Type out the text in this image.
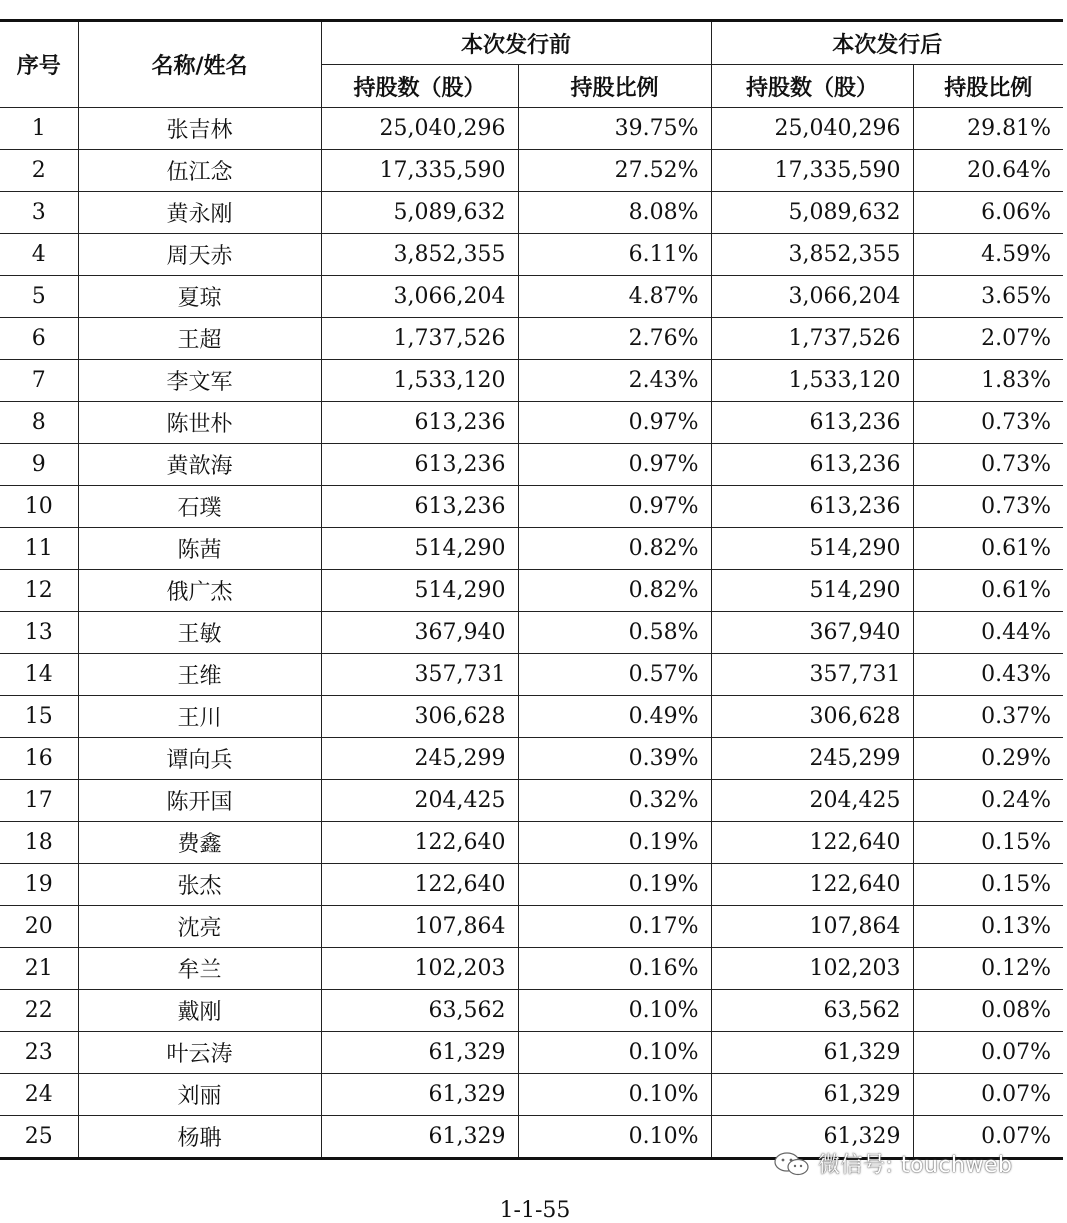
序号	名称/姓名	本次发行前		本次发行后	
		持股数（股）	持股比例	持股数（股）	持股比例
1	张吉林	25,040,296	39.75%	25,040,296	29.81%
2	伍江念	17,335,590	27.52%	17,335,590	20.64%
3	黄永刚	5,089,632	8.08%	5,089,632	6.06%
4	周天赤	3,852,355	6.11%	3,852,355	4.59%
5	夏琼	3,066,204	4.87%	3,066,204	3.65%
6	王超	1,737,526	2.76%	1,737,526	2.07%
7	李文军	1,533,120	2.43%	1,533,120	1.83%
8	陈世朴	613,236	0.97%	613,236	0.73%
9	黄歆海	613,236	0.97%	613,236	0.73%
10	石璞	613,236	0.97%	613,236	0.73%
11	陈茜	514,290	0.82%	514,290	0.61%
12	俄广杰	514,290	0.82%	514,290	0.61%
13	王敏	367,940	0.58%	367,940	0.44%
14	王维	357,731	0.57%	357,731	0.43%
15	王川	306,628	0.49%	306,628	0.37%
16	谭向兵	245,299	0.39%	245,299	0.29%
17	陈开国	204,425	0.32%	204,425	0.24%
18	费鑫	122,640	0.19%	122,640	0.15%
19	张杰	122,640	0.19%	122,640	0.15%
20	沈亮	107,864	0.17%	107,864	0.13%
21	牟兰	102,203	0.16%	102,203	0.12%
22	戴刚	63,562	0.10%	63,562	0.08%
23	叶云涛	61,329	0.10%	61,329	0.07%
24	刘丽	61,329	0.10%	61,329	0.07%
25	杨聃	61,329	0.10%	61,329	0.07%
微信号: touchweb
1-1-55
